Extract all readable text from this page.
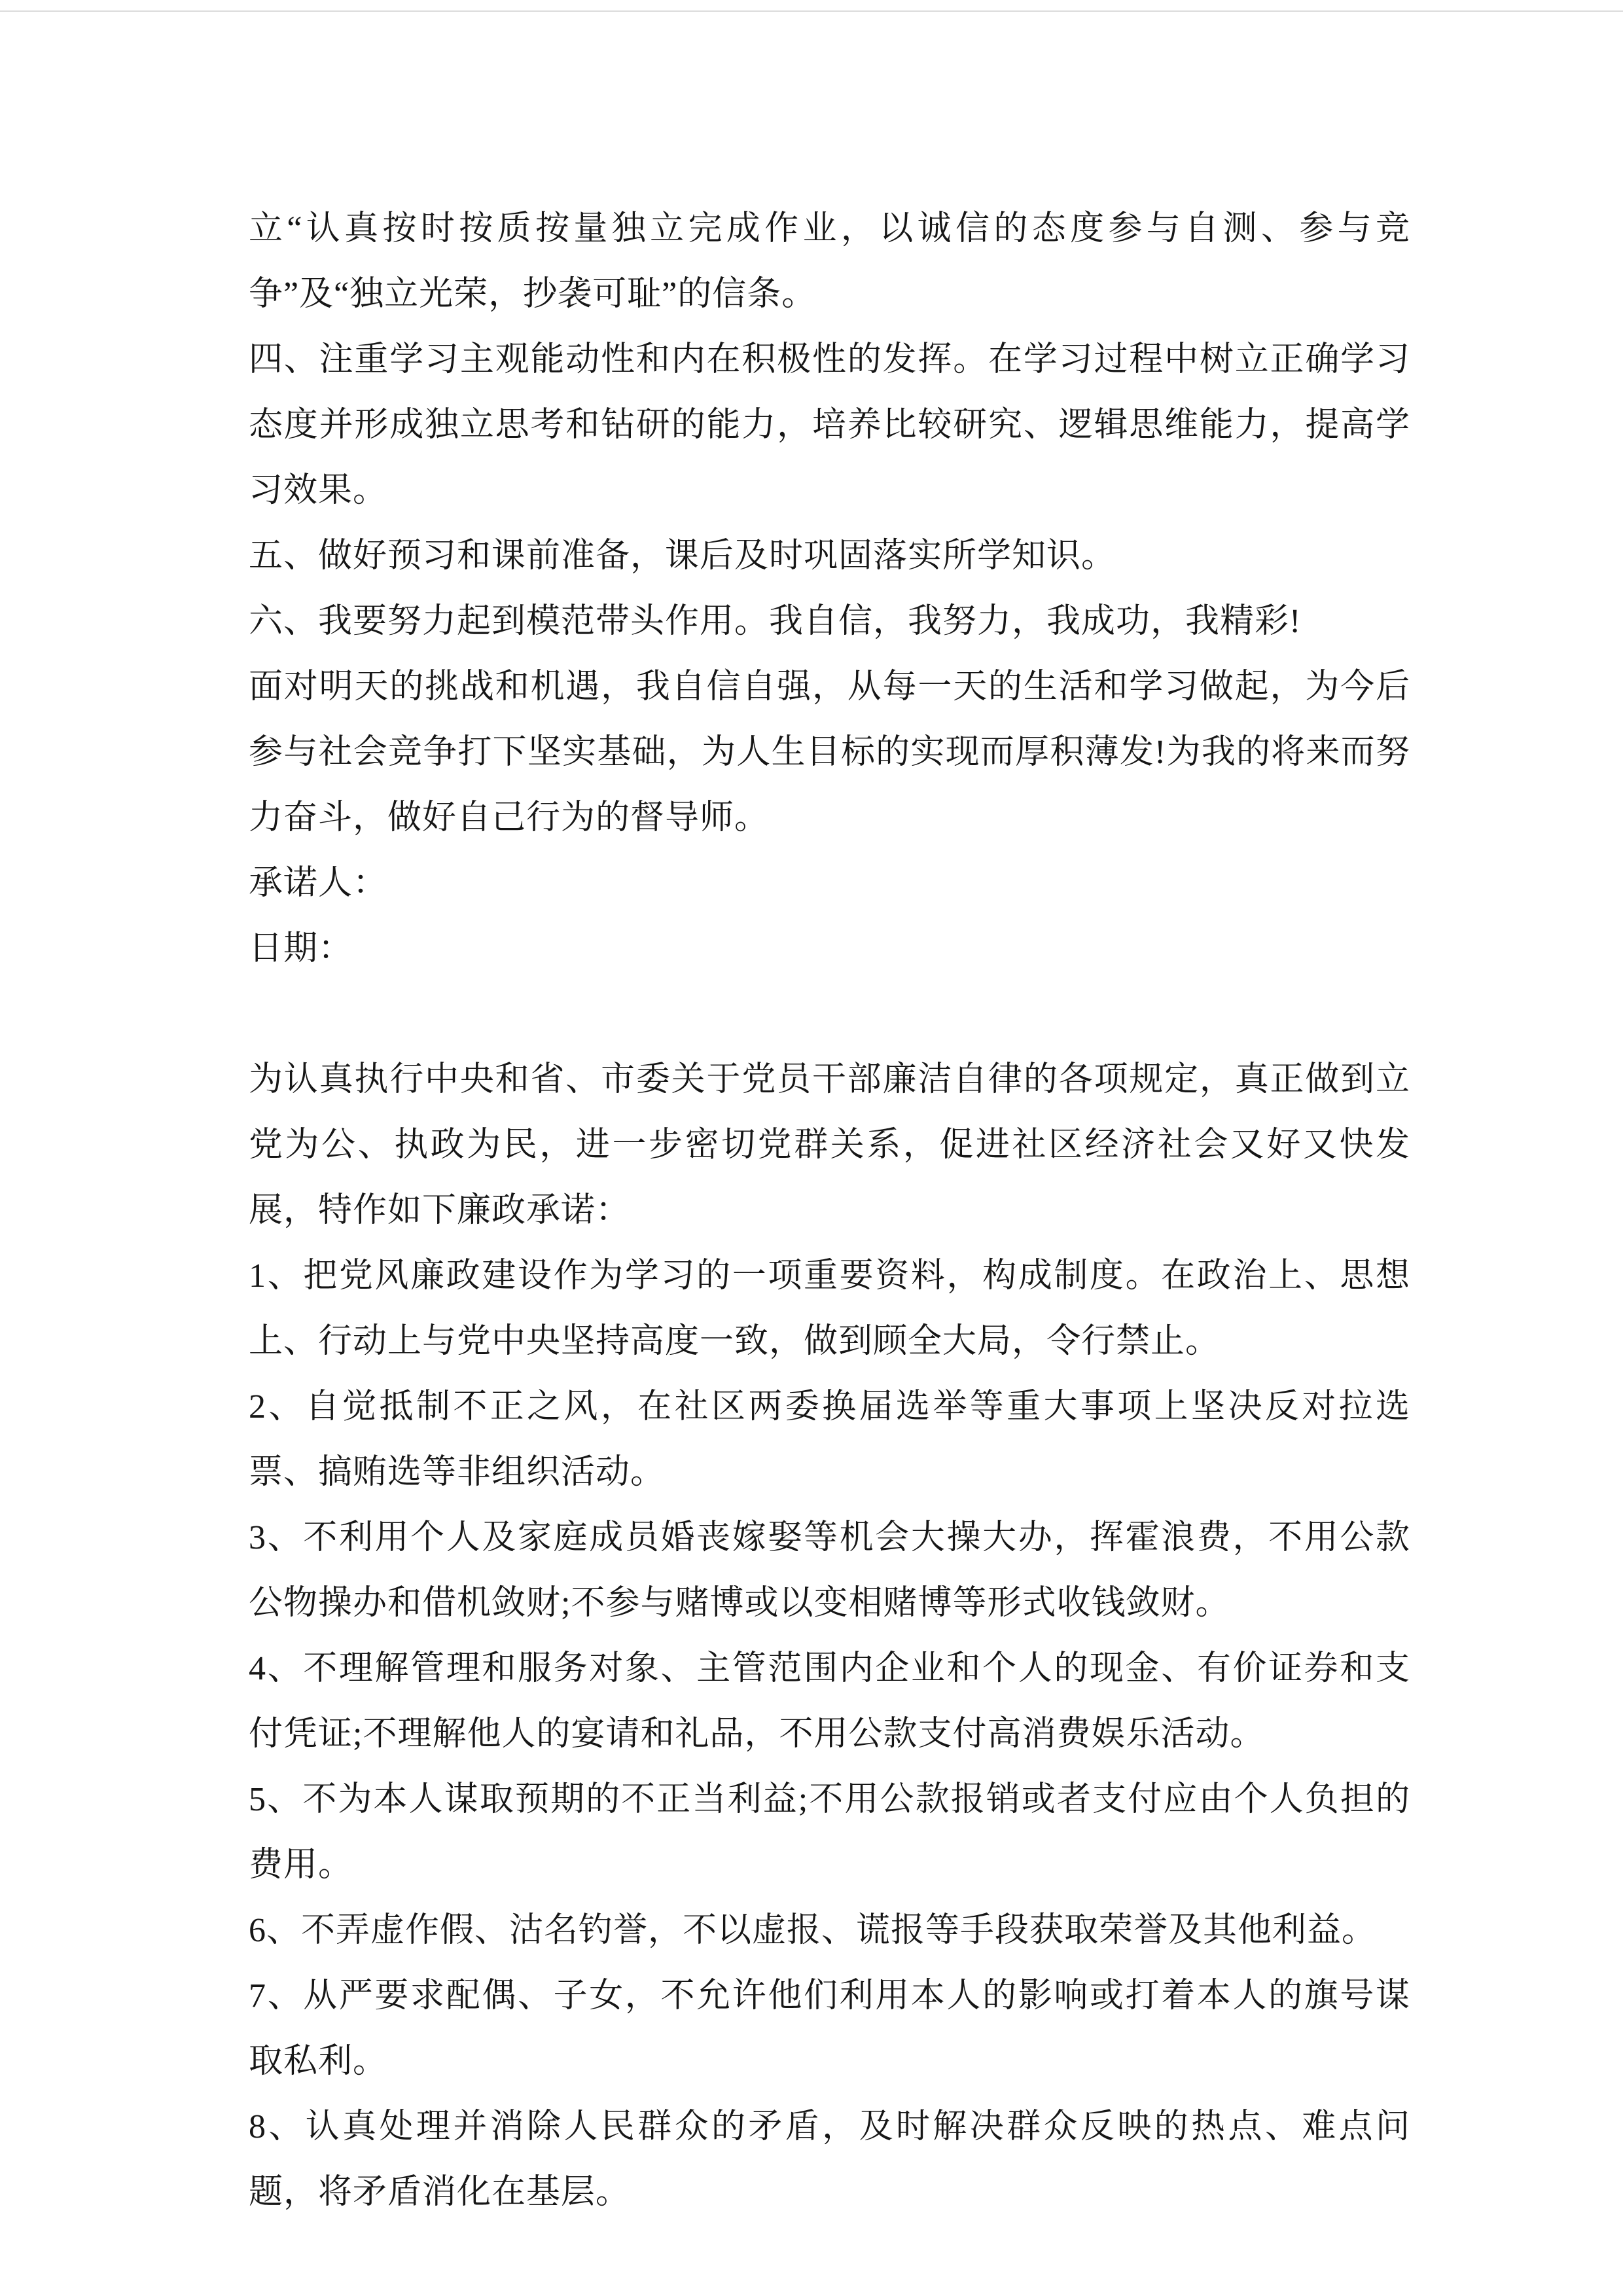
立“认真按时按质按量独立完成作业，以诚信的态度参与自测、参与竞争”及“独立光荣，抄袭可耻”的信条。

四、注重学习主观能动性和内在积极性的发挥。在学习过程中树立正确学习态度并形成独立思考和钻研的能力，培养比较研究、逻辑思维能力，提高学习效果。

五、做好预习和课前准备，课后及时巩固落实所学知识。

六、我要努力起到模范带头作用。我自信，我努力，我成功，我精彩!

面对明天的挑战和机遇，我自信自强，从每一天的生活和学习做起，为今后参与社会竞争打下坚实基础，为人生目标的实现而厚积薄发!为我的将来而努力奋斗，做好自己行为的督导师。

承诺人：

日期：

为认真执行中央和省、市委关于党员干部廉洁自律的各项规定，真正做到立党为公、执政为民，进一步密切党群关系，促进社区经济社会又好又快发展，特作如下廉政承诺：

1、把党风廉政建设作为学习的一项重要资料，构成制度。在政治上、思想上、行动上与党中央坚持高度一致，做到顾全大局，令行禁止。

2、自觉抵制不正之风，在社区两委换届选举等重大事项上坚决反对拉选票、搞贿选等非组织活动。

3、不利用个人及家庭成员婚丧嫁娶等机会大操大办，挥霍浪费，不用公款公物操办和借机敛财;不参与赌博或以变相赌博等形式收钱敛财。

4、不理解管理和服务对象、主管范围内企业和个人的现金、有价证券和支付凭证;不理解他人的宴请和礼品，不用公款支付高消费娱乐活动。

5、不为本人谋取预期的不正当利益;不用公款报销或者支付应由个人负担的费用。

6、不弄虚作假、沽名钓誉，不以虚报、谎报等手段获取荣誉及其他利益。

7、从严要求配偶、子女，不允许他们利用本人的影响或打着本人的旗号谋取私利。

8、认真处理并消除人民群众的矛盾，及时解决群众反映的热点、难点问题，将矛盾消化在基层。
